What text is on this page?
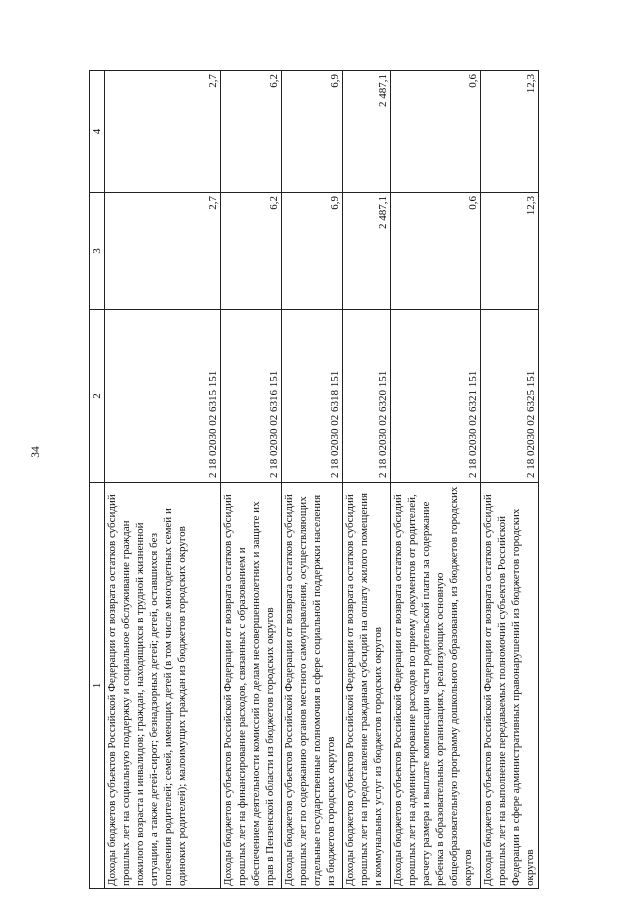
34
1	2	3	4
Доходы бюджетов субъектов Российской Федерации от возврата остатков субсидий прошлых лет на социальную поддержку и социальное обслуживание граждан пожилого возраста и инвалидов; граждан, находящихся в трудной жизненной ситуации, а также детей-сирот; безнадзорных детей; детей, оставшихся без попечения родителей; семей, имеющих детей (в том числе многодетных семей и одиноких родителей); малоимущих граждан из бюджетов городских округов	2 18 02030 02 6315 151	2,7	2,7
Доходы бюджетов субъектов Российской Федерации от возврата остатков субсидий прошлых лет на финансирование расходов, связанных с образованием и обеспечением деятельности комиссий по делам несовершеннолетних и защите их прав в Пензенской области из бюджетов городских округов	2 18 02030 02 6316 151	6,2	6,2
Доходы бюджетов субъектов Российской Федерации от возврата остатков субсидий прошлых лет по содержанию органов местного самоуправления, осуществляющих отдельные государственные полномочия в сфере социальной поддержки населения из бюджетов городских округов	2 18 02030 02 6318 151	6,9	6,9
Доходы бюджетов субъектов Российской Федерации от возврата остатков субсидий прошлых лет на предоставление гражданам субсидий на оплату жилого помещения и коммунальных услуг из бюджетов городских округов	2 18 02030 02 6320 151	2 487,1	2 487,1
Доходы бюджетов субъектов Российской Федерации от возврата остатков субсидий прошлых лет на администрирование расходов по приему документов от родителей, расчету размера и выплате компенсации части родительской платы за содержание ребенка в образовательных организациях, реализующих основную общеобразовательную программу дошкольного образования, из бюджетов городских округов	2 18 02030 02 6321 151	0,6	0,6
Доходы бюджетов субъектов Российской Федерации от возврата остатков субсидий прошлых лет на выполнение передаваемых полномочий субъектов Российской Федерации в сфере административных правонарушений из бюджетов городских округов	2 18 02030 02 6325 151	12,3	12,3
